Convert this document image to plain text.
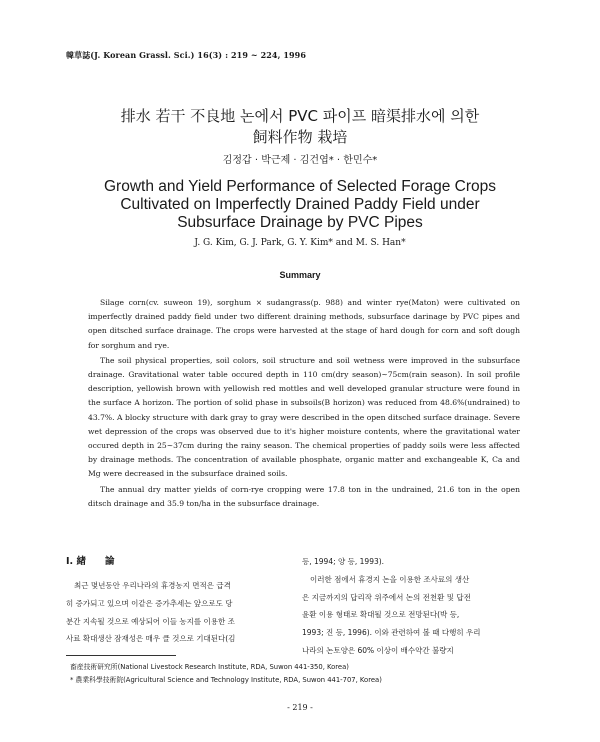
韓草誌(J. Korean Grassl. Sci.) 16(3) : 219 ~ 224, 1996
排水 若干 不良地 논에서 PVC 파이프 暗渠排水에 의한
飼料作物 栽培
김정갑 · 박근제 · 김건엽* · 한민수*
Growth and Yield Performance of Selected Forage Crops
Cultivated on Imperfectly Drained Paddy Field under
Subsurface Drainage by PVC Pipes
J. G. Kim, G. J. Park, G. Y. Kim* and M. S. Han*
Summary

Silage corn(cv. suweon 19), sorghum × sudangrass(p. 988) and winter rye(Maton) were cultivated on imperfectly drained paddy field under two different draining methods, subsurface darinage by PVC pipes and open ditsched surface drainage. The crops were harvested at the stage of hard dough for corn and soft dough for sorghum and rye.

The soil physical properties, soil colors, soil structure and soil wetness were improved in the subsurface drainage. Gravitational water table occured depth in 110 cm(dry season)~75cm(rain season). In soil profile description, yellowish brown with yellowish red mottles and well developed granular structure were found in the surface A horizon. The portion of solid phase in subsoils(B horizon) was reduced from 48.6%(undrained) to 43.7%. A blocky structure with dark gray to gray were described in the open ditsched surface drainage. Severe wet depression of the crops was observed due to it's higher moisture contents, where the gravitational water occured depth in 25~37cm during the rainy season. The chemical properties of paddy soils were less affected by drainage methods. The concentration of available phosphate, organic matter and exchangeable K, Ca and Mg were decreased in the subsurface drained soils.

The annual dry matter yields of corn-rye cropping were 17.8 ton in the undrained, 21.6 ton in the open ditsch drainage and 35.9 ton/ha in the subsurface drainage.

Ⅰ. 緖　　論
최근 몇년동안 우리나라의 휴경농지 면적은 급격
히 증가되고 있으며 이같은 증가추세는 앞으로도 당
분간 지속될 것으로 예상되어 이들 농지를 이용한 조
사료 확대생산 잠재성은 매우 클 것으로 기대된다(김
등, 1994; 양 등, 1993).
이러한 점에서 휴경지 논을 이용한 조사료의 생산
은 지금까지의 답리작 위주에서 논의 전천환 및 답전
윤환 이용 형태로 확대될 것으로 전망된다(박 등,
1993; 진 등, 1996). 이와 관련하여 볼 때 다행히 우리
나라의 논토양은 60% 이상이 배수약간 불량지
畜産技術研究所(National Livestock Research Institute, RDA, Suwon 441-350, Korea)
* 農業科學技術院(Agricultural Science and Technology Institute, RDA, Suwon 441-707, Korea)
- 219 -
